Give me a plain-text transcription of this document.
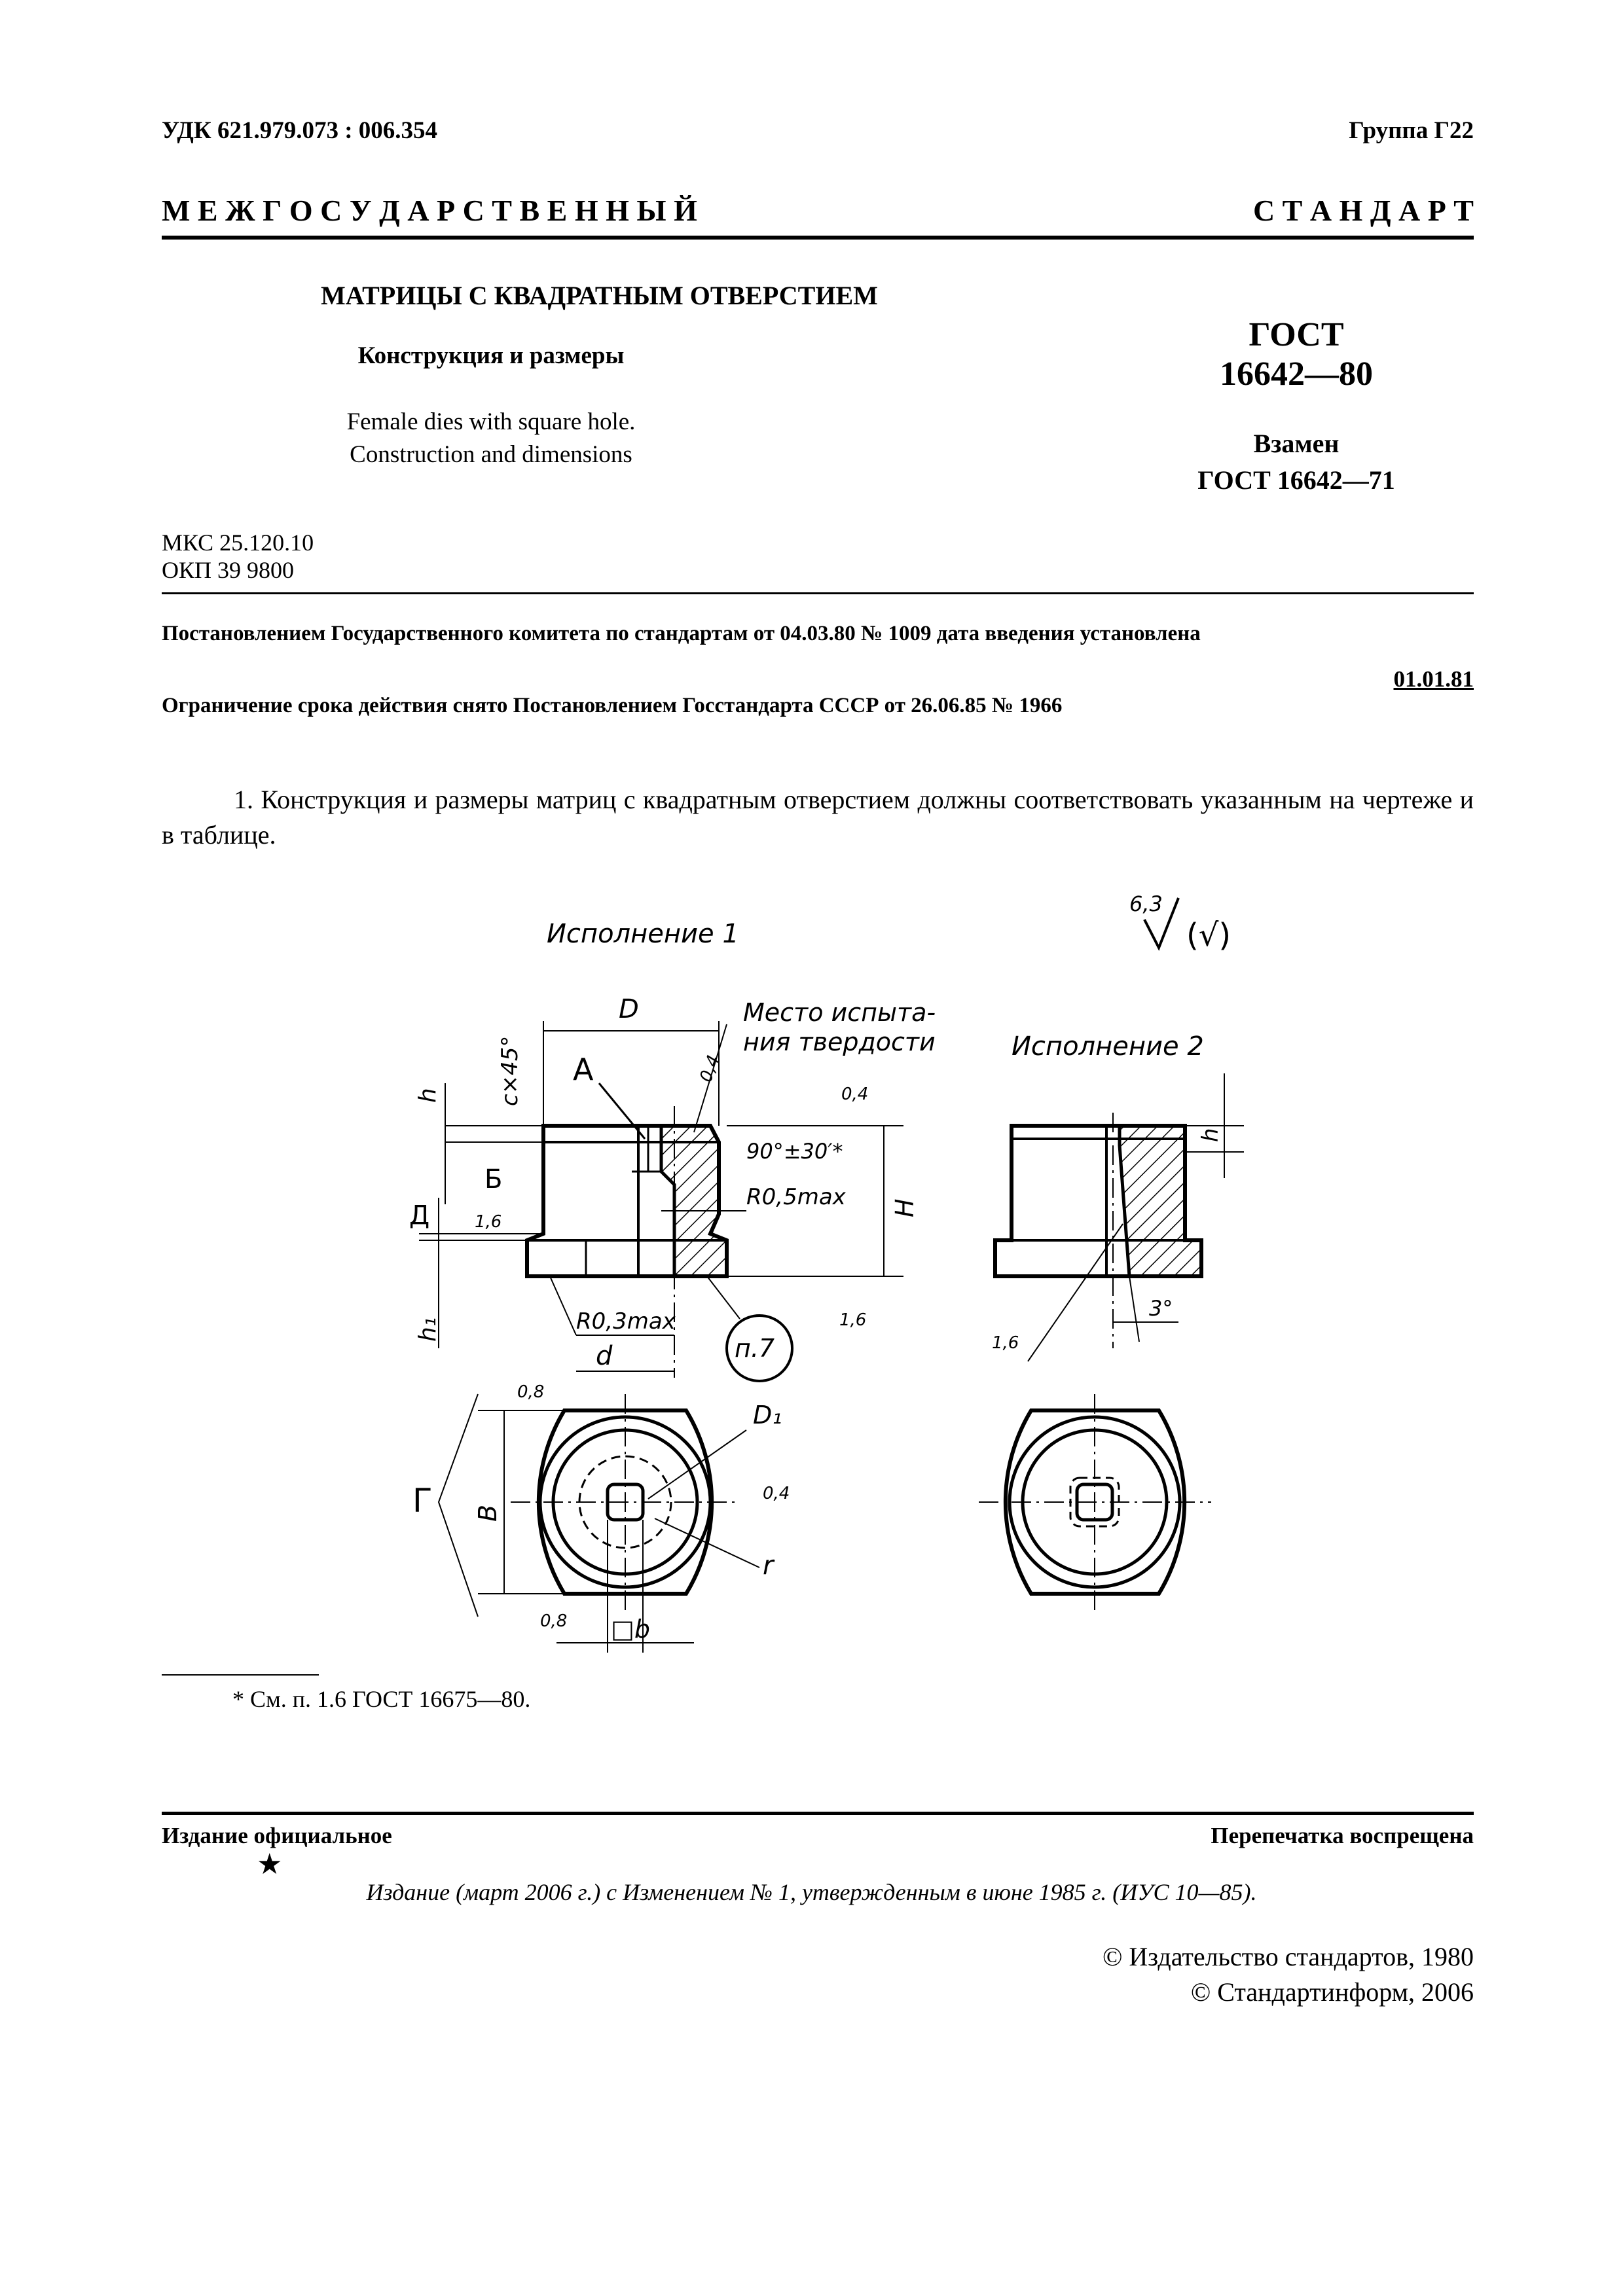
УДК 621.979.073 : 006.354	Группа Г22
М Е Ж Г О С У Д А Р С Т В Е Н Н Ы Й	С Т А Н Д А Р Т
МАТРИЦЫ С КВАДРАТНЫМ ОТВЕРСТИЕМ
Конструкция и размеры
Female dies with square hole.
Construction and dimensions
ГОСТ
16642—80
Взамен
ГОСТ 16642—71
МКС 25.120.10
ОКП 39 9800
Постановлением Государственного комитета по стандартам от 04.03.80 № 1009 дата введения установлена
01.01.81
Ограничение срока действия снято Постановлением Госстандарта СССР от 26.06.85 № 1966
1. Конструкция и размеры матриц с квадратным отверстием должны соответствовать указанным на чертеже и в таблице.
Исполнение 1
Исполнение 2
6,3
(√)
D
А
c×45°
h
Б
Д
h₁
1,6
H
0,4
0,4
90°±30′*
R0,5max
Место испыта-
ния твердости
R0,3max
d	п.7
1,6
B
Г
0,8
0,8
D₁
0,4
r
□b
h
3°
1,6
* См. п. 1.6 ГОСТ 16675—80.
Издание официальное	Перепечатка воспрещена
★
Издание (март 2006 г.) с Изменением № 1, утвержденным в июне 1985 г. (ИУС 10—85).
© Издательство стандартов, 1980
© Стандартинформ, 2006
